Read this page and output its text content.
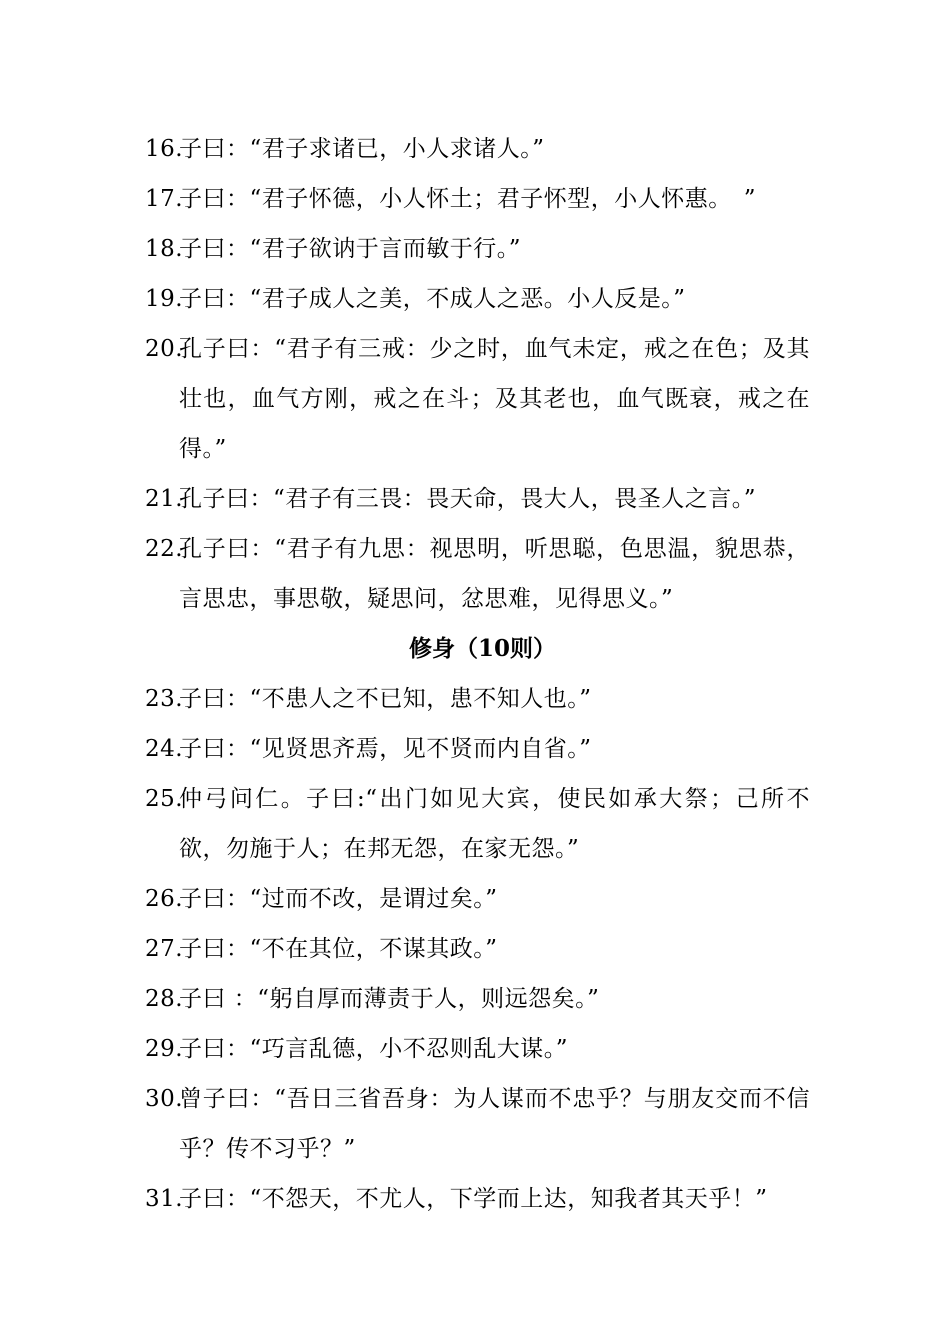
16.
子曰：“君子求诸已，小人求诸人。”
17.
子曰：“君子怀德，小人怀土；君子怀型，小人怀惠。　”
18.
子曰：“君子欲讷于言而敏于行。”
19.
子曰：“君子成人之美，不成人之恶。小人反是。”
20.
孔子曰：“君子有三戒：少之时，血气未定，戒之在色；及其壮也，血气方刚，戒之在斗；及其老也，血气既衰，戒之在得。”
21.
孔子曰：“君子有三畏：畏天命，畏大人，畏圣人之言。”
22.
孔子曰：“君子有九思：视思明，听思聪，色思温，貌思恭，言思忠，事思敬，疑思问，忿思难，见得思义。”
修身（10则）
23.
子曰：“不患人之不已知，患不知人也。”
24.
子曰：“见贤思齐焉，见不贤而内自省。”
25.
仲弓问仁。子曰:“出门如见大宾，使民如承大祭；己所不欲，勿施于人；在邦无怨，在家无怨。”
26.
子曰：“过而不改，是谓过矣。”
27.
子曰：“不在其位，不谋其政。”
28.
子曰 ：“躬自厚而薄责于人，则远怨矣。”
29.
子曰：“巧言乱德，小不忍则乱大谋。”
30.
曾子曰：“吾日三省吾身：为人谋而不忠乎？与朋友交而不信乎？传不习乎？”
31.
子曰：“不怨天，不尤人，下学而上达，知我者其天乎！”
